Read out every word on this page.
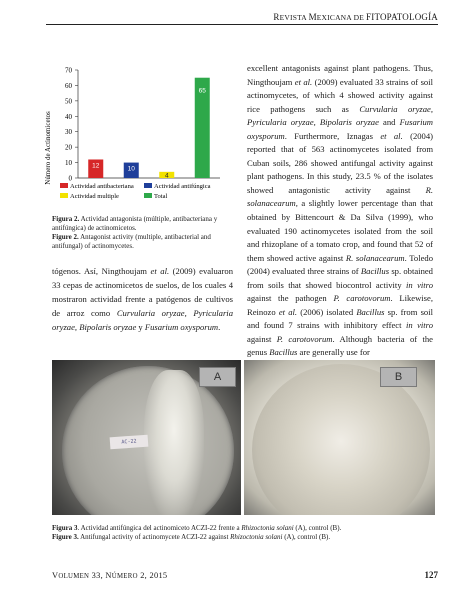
REVISTA MEXICANA DE FITOPATOLOGÍA
Número de Actinomicetos 0
10
20
30
40
50
60
70
12	10
4
65
Actividad antibacteriana	Actividad antifúngica
Actividad multiple	Total

Figura 2. Actividad antagonista (múltiple, antibacteriana y antifúngica) de actinomicetos.

Figure 2. Antagonist activity (multiple, antibacterial and antifungal) of actinomycetes.

tógenos. Así, Ningthoujam et al. (2009) evaluaron 33 cepas de actinomicetos de suelos, de los cuales 4 mostraron actividad frente a patógenos de cultivos de arroz como Curvularia oryzae, Pyricularia oryzae, Bipolaris oryzae y Fusarium oxysporum.

excellent antagonists against plant pathogens. Thus, Ningthoujam et al. (2009) evaluated 33 strains of soil actinomycetes, of which 4 showed activity against rice pathogens such as Curvularia oryzae, Pyricularia oryzae, Bipolaris oryzae and Fusarium oxysporum. Furthermore, Iznagas et al. (2004) reported that of 563 actinomycetes isolated from Cuban soils, 286 showed antifungal activity against plant pathogens. In this study, 23.5 % of the isolates showed antagonistic activity against R. solanacearum, a slightly lower percentage than that obtained by Bittencourt & Da Silva (1999), who evaluated 190 actinomycetes isolated from the soil and rhizoplane of a tomato crop, and found that 52 of them showed active against R. solanacearum. Toledo (2004) evaluated three strains of Bacillus sp. obtained from soils that showed biocontrol activity in vitro against the pathogen P. carotovorum. Likewise, Reinozo et al. (2006) isolated Bacillus sp. from soil and found 7 strains with inhibitory effect in vitro against P. carotovorum. Although bacteria of the genus Bacillus are generally use for

AC-22
A	B

Figura 3. Actividad antifúngica del actinomiceto ACZI-22 frente a Rhizoctonia solani (A), control (B).

Figure 3. Antifungal activity of actinomycete ACZI-22 against Rhizoctonia solani (A), control (B).

VOLUMEN 33, NÚMERO 2, 2015	127
